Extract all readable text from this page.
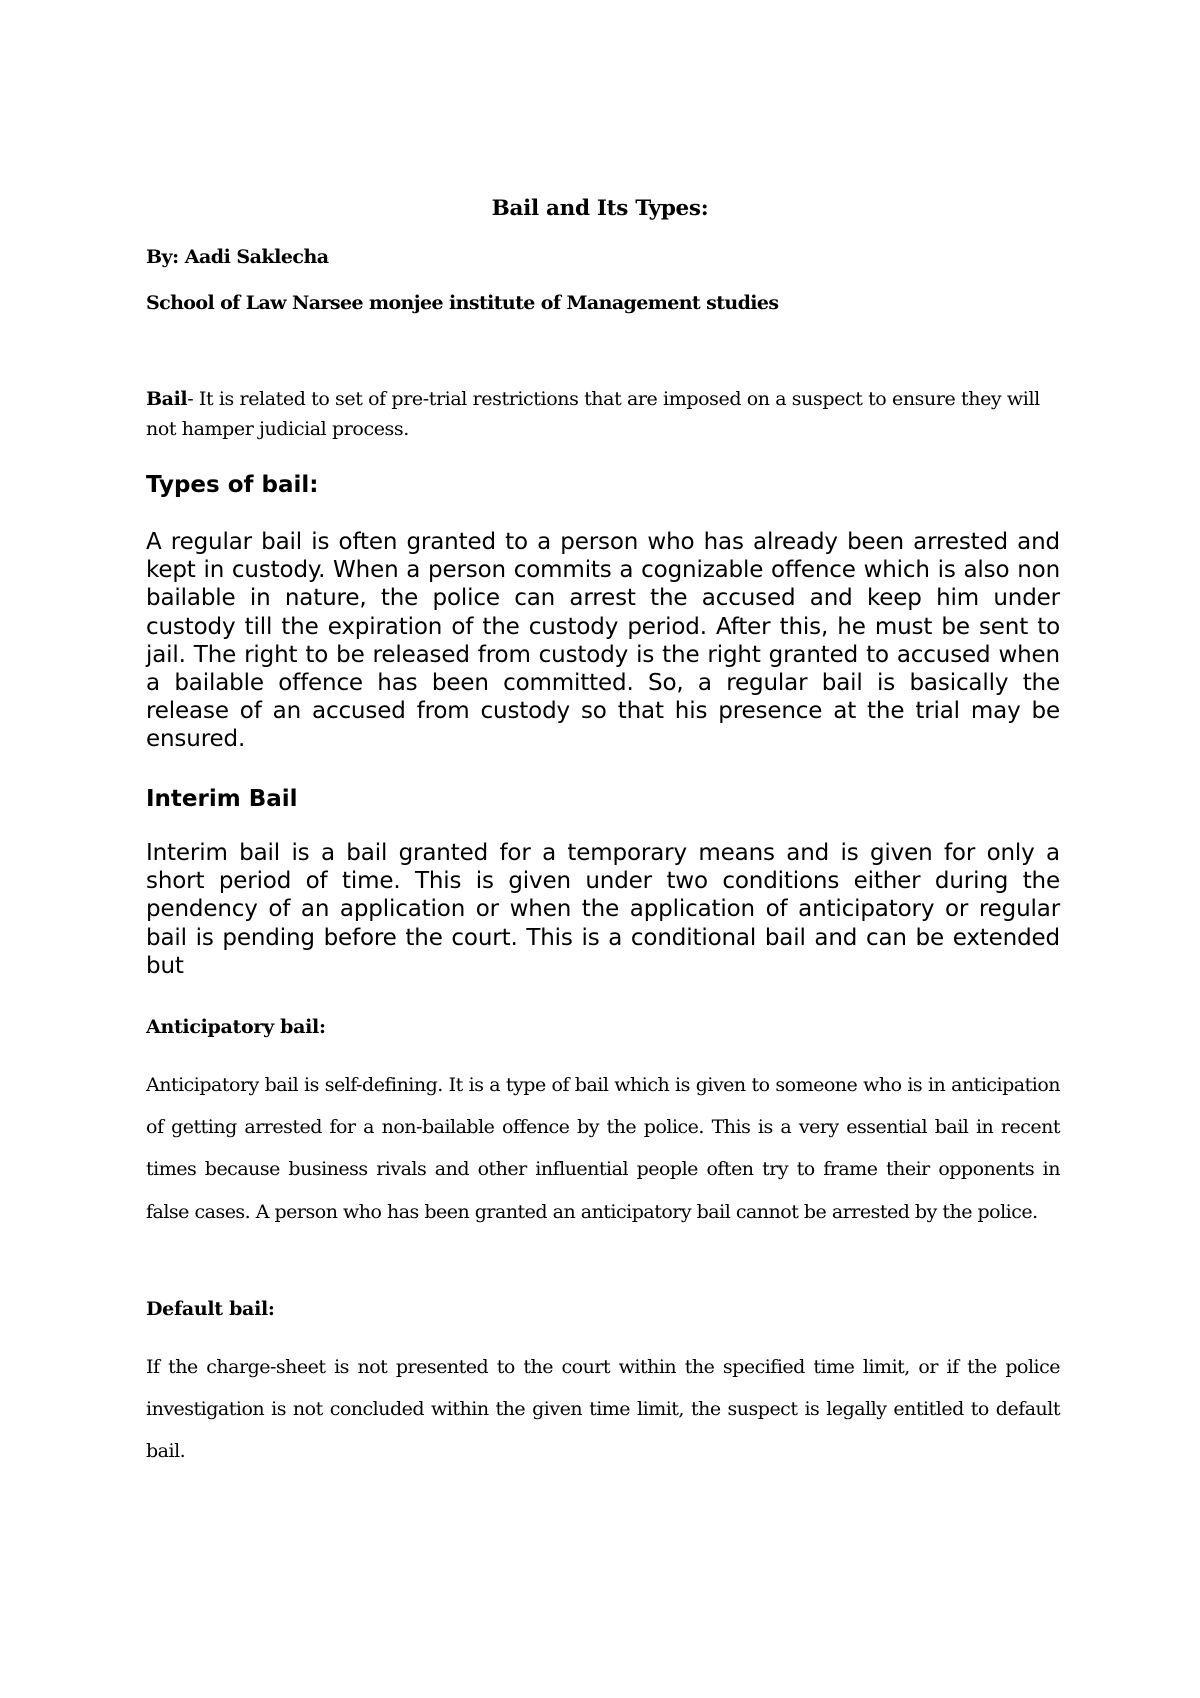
Bail and Its Types:

By: Aadi Saklecha

School of Law Narsee monjee institute of Management studies

Bail- It is related to set of pre-trial restrictions that are imposed on a suspect to ensure they will not hamper judicial process.

Types of bail:

A regular bail is often granted to a person who has already been arrested and kept in custody. When a person commits a cognizable offence which is also non bailable in nature, the police can arrest the accused and keep him under custody till the expiration of the custody period. After this, he must be sent to jail. The right to be released from custody is the right granted to accused when a bailable offence has been committed. So, a regular bail is basically the release of an accused from custody so that his presence at the trial may be ensured.

Interim Bail

Interim bail is a bail granted for a temporary means and is given for only a short period of time. This is given under two conditions either during the pendency of an application or when the application of anticipatory or regular bail is pending before the court. This is a conditional bail and can be extended but

Anticipatory bail:

Anticipatory bail is self-defining. It is a type of bail which is given to someone who is in anticipation of getting arrested for a non-bailable offence by the police. This is a very essential bail in recent times because business rivals and other influential people often try to frame their opponents in false cases. A person who has been granted an anticipatory bail cannot be arrested by the police.

Default bail:

If the charge-sheet is not presented to the court within the specified time limit, or if the police investigation is not concluded within the given time limit, the suspect is legally entitled to default bail.
